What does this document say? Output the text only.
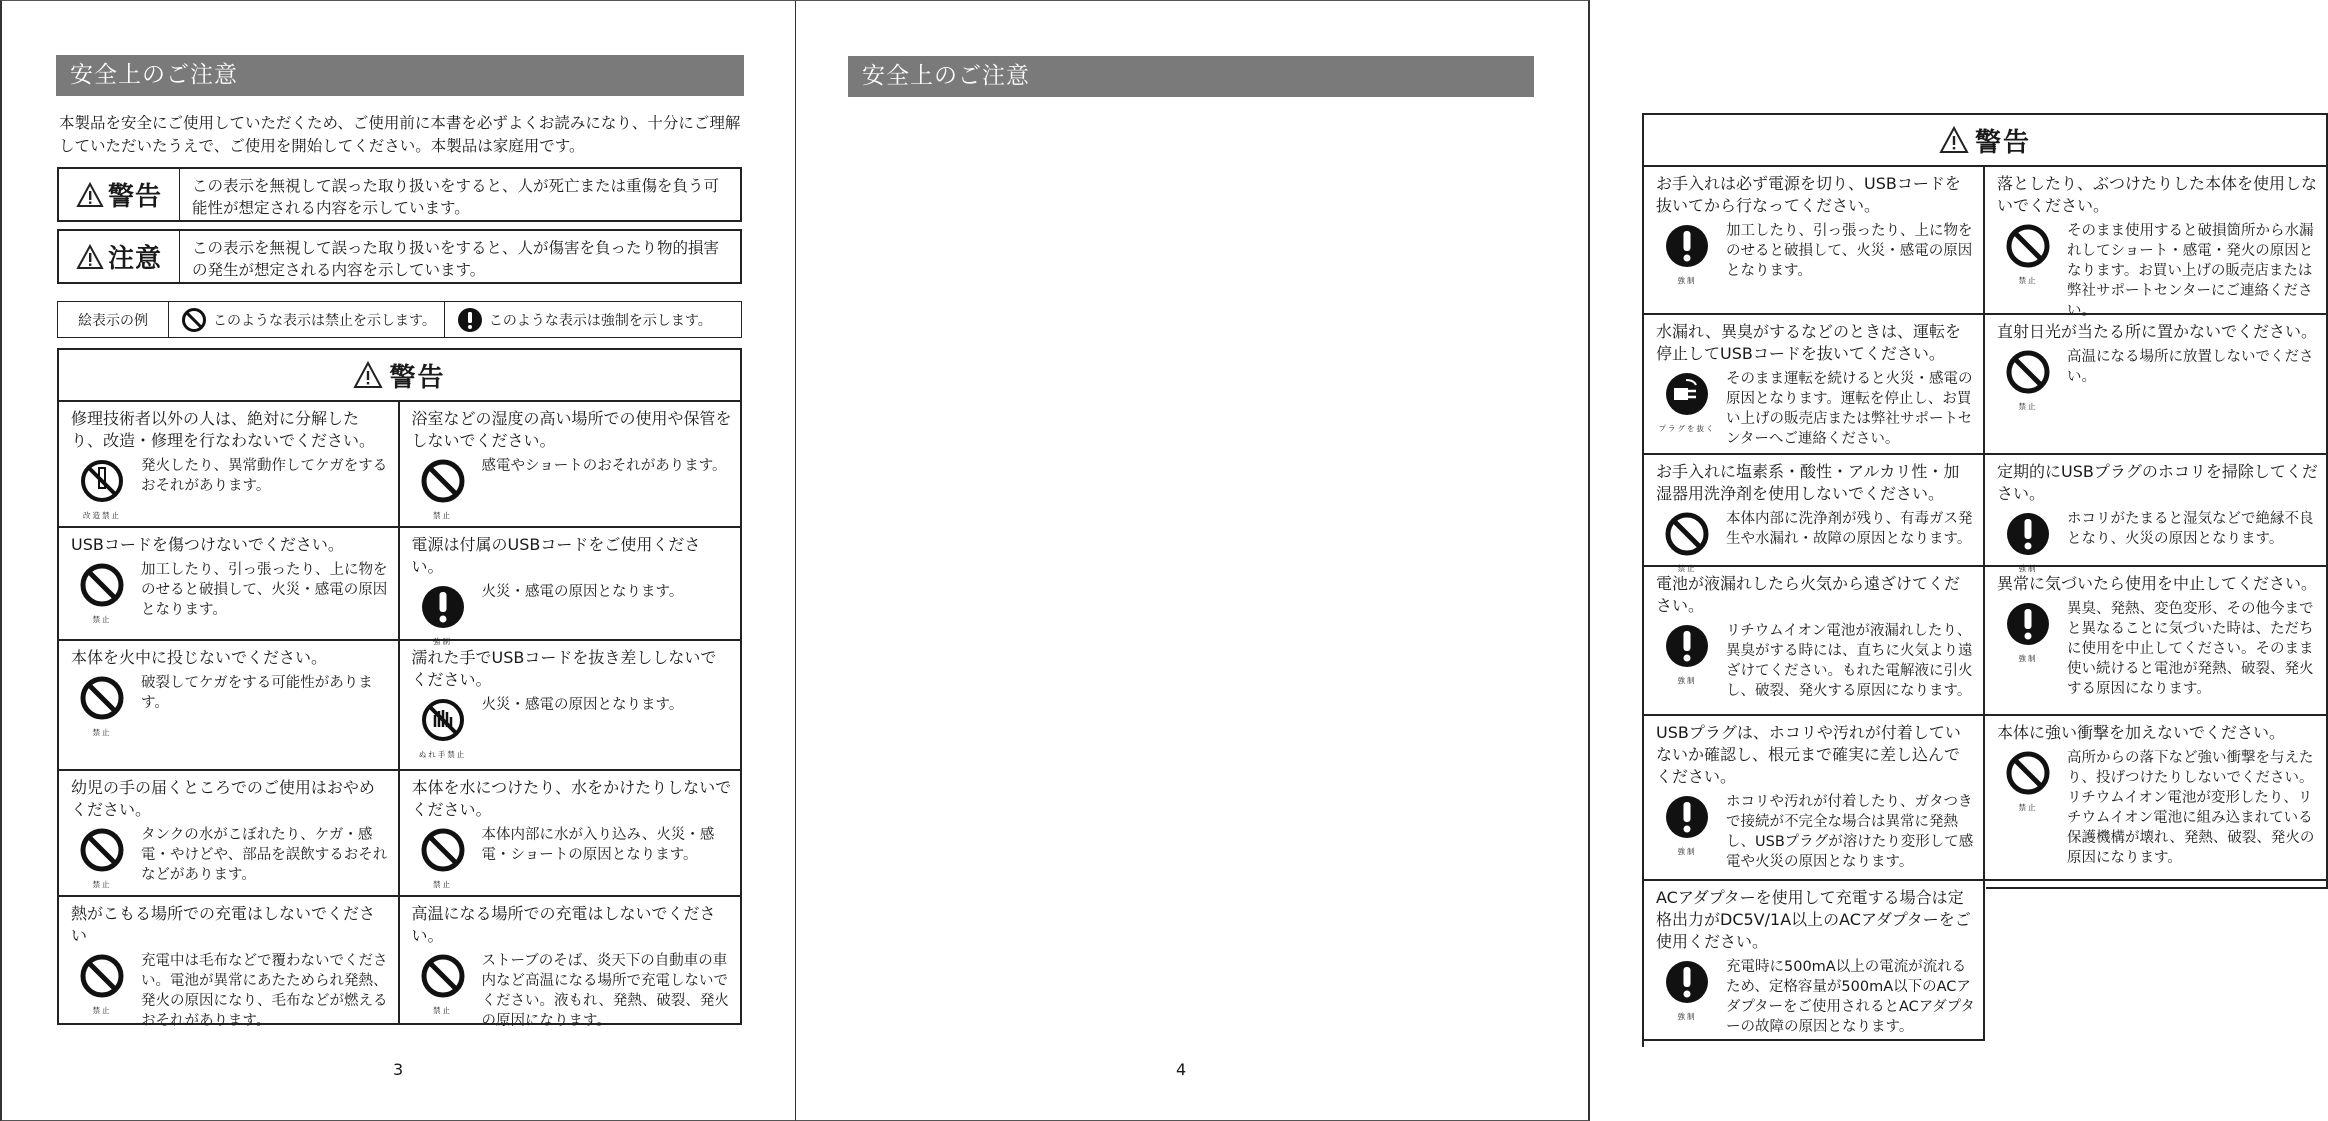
安全上のご注意
本製品を安全にご使用していただくため、ご使用前に本書を必ずよくお読みになり、十分にご理解していただいたうえで、ご使用を開始してください。本製品は家庭用です。
警告	この表示を無視して誤った取り扱いをすると、人が死亡または重傷を負う可能性が想定される内容を示しています。
注意	この表示を無視して誤った取り扱いをすると、人が傷害を負ったり物的損害の発生が想定される内容を示しています。
絵表示の例	このような表示は禁止を示します。	このような表示は強制を示します。
警告
修理技術者以外の人は、絶対に分解したり、改造・修理を行なわないでください。
改造禁止
発火したり、異常動作してケガをするおそれがあります。
浴室などの湿度の高い場所での使用や保管をしないでください。
禁止
感電やショートのおそれがあります。
USBコードを傷つけないでください。
禁止
加工したり、引っ張ったり、上に物をのせると破損して、火災・感電の原因となります。
電源は付属のUSBコードをご使用ください。
強制
火災・感電の原因となります。
本体を火中に投じないでください。
禁止
破裂してケガをする可能性があります。
濡れた手でUSBコードを抜き差ししないでください。
ぬれ手禁止
火災・感電の原因となります。
幼児の手の届くところでのご使用はおやめください。
禁止
タンクの水がこぼれたり、ケガ・感電・やけどや、部品を誤飲するおそれなどがあります。
本体を水につけたり、水をかけたりしないでください。
禁止
本体内部に水が入り込み、火災・感電・ショートの原因となります。
熱がこもる場所での充電はしないでください
禁止
充電中は毛布などで覆わないでください。電池が異常にあたためられ発熱、発火の原因になり、毛布などが燃えるおそれがあります。
高温になる場所での充電はしないでください。
禁止
ストーブのそば、炎天下の自動車の車内など高温になる場所で充電しないでください。液もれ、発熱、破裂、発火の原因になります。
3
安全上のご注意
警告
お手入れは必ず電源を切り、USBコードを抜いてから行なってください。
強制
加工したり、引っ張ったり、上に物をのせると破損して、火災・感電の原因となります。
落としたり、ぶつけたりした本体を使用しないでください。
禁止
そのまま使用すると破損箇所から水漏れしてショート・感電・発火の原因となります。お買い上げの販売店または弊社サポートセンターにご連絡ください。
水漏れ、異臭がするなどのときは、運転を停止してUSBコードを抜いてください。
プラグを抜く
そのまま運転を続けると火災・感電の原因となります。運転を停止し、お買い上げの販売店または弊社サポートセンターへご連絡ください。
直射日光が当たる所に置かないでください。
禁止
高温になる場所に放置しないでください。
お手入れに塩素系・酸性・アルカリ性・加湿器用洗浄剤を使用しないでください。
禁止
本体内部に洗浄剤が残り、有毒ガス発生や水漏れ・故障の原因となります。
定期的にUSBプラグのホコリを掃除してください。
強制
ホコリがたまると湿気などで絶縁不良となり、火災の原因となります。
電池が液漏れしたら火気から遠ざけてください。
強制
リチウムイオン電池が液漏れしたり、異臭がする時には、直ちに火気より遠ざけてください。もれた電解液に引火し、破裂、発火する原因になります。
異常に気づいたら使用を中止してください。
強制
異臭、発熱、変色変形、その他今までと異なることに気づいた時は、ただちに使用を中止してください。そのまま使い続けると電池が発熱、破裂、発火する原因になります。
USBプラグは、ホコリや汚れが付着していないか確認し、根元まで確実に差し込んでください。
強制
ホコリや汚れが付着したり、ガタつきで接続が不完全な場合は異常に発熱し、USBプラグが溶けたり変形して感電や火災の原因となります。
本体に強い衝撃を加えないでください。
禁止
高所からの落下など強い衝撃を与えたり、投げつけたりしないでください。リチウムイオン電池が変形したり、リチウムイオン電池に組み込まれている保護機構が壊れ、発熱、破裂、発火の原因になります。
ACアダプターを使用して充電する場合は定格出力がDC5V/1A以上のACアダプターをご使用ください。
強制
充電時に500mA以上の電流が流れるため、定格容量が500mA以下のACアダプターをご使用されるとACアダプターの故障の原因となります。
4
